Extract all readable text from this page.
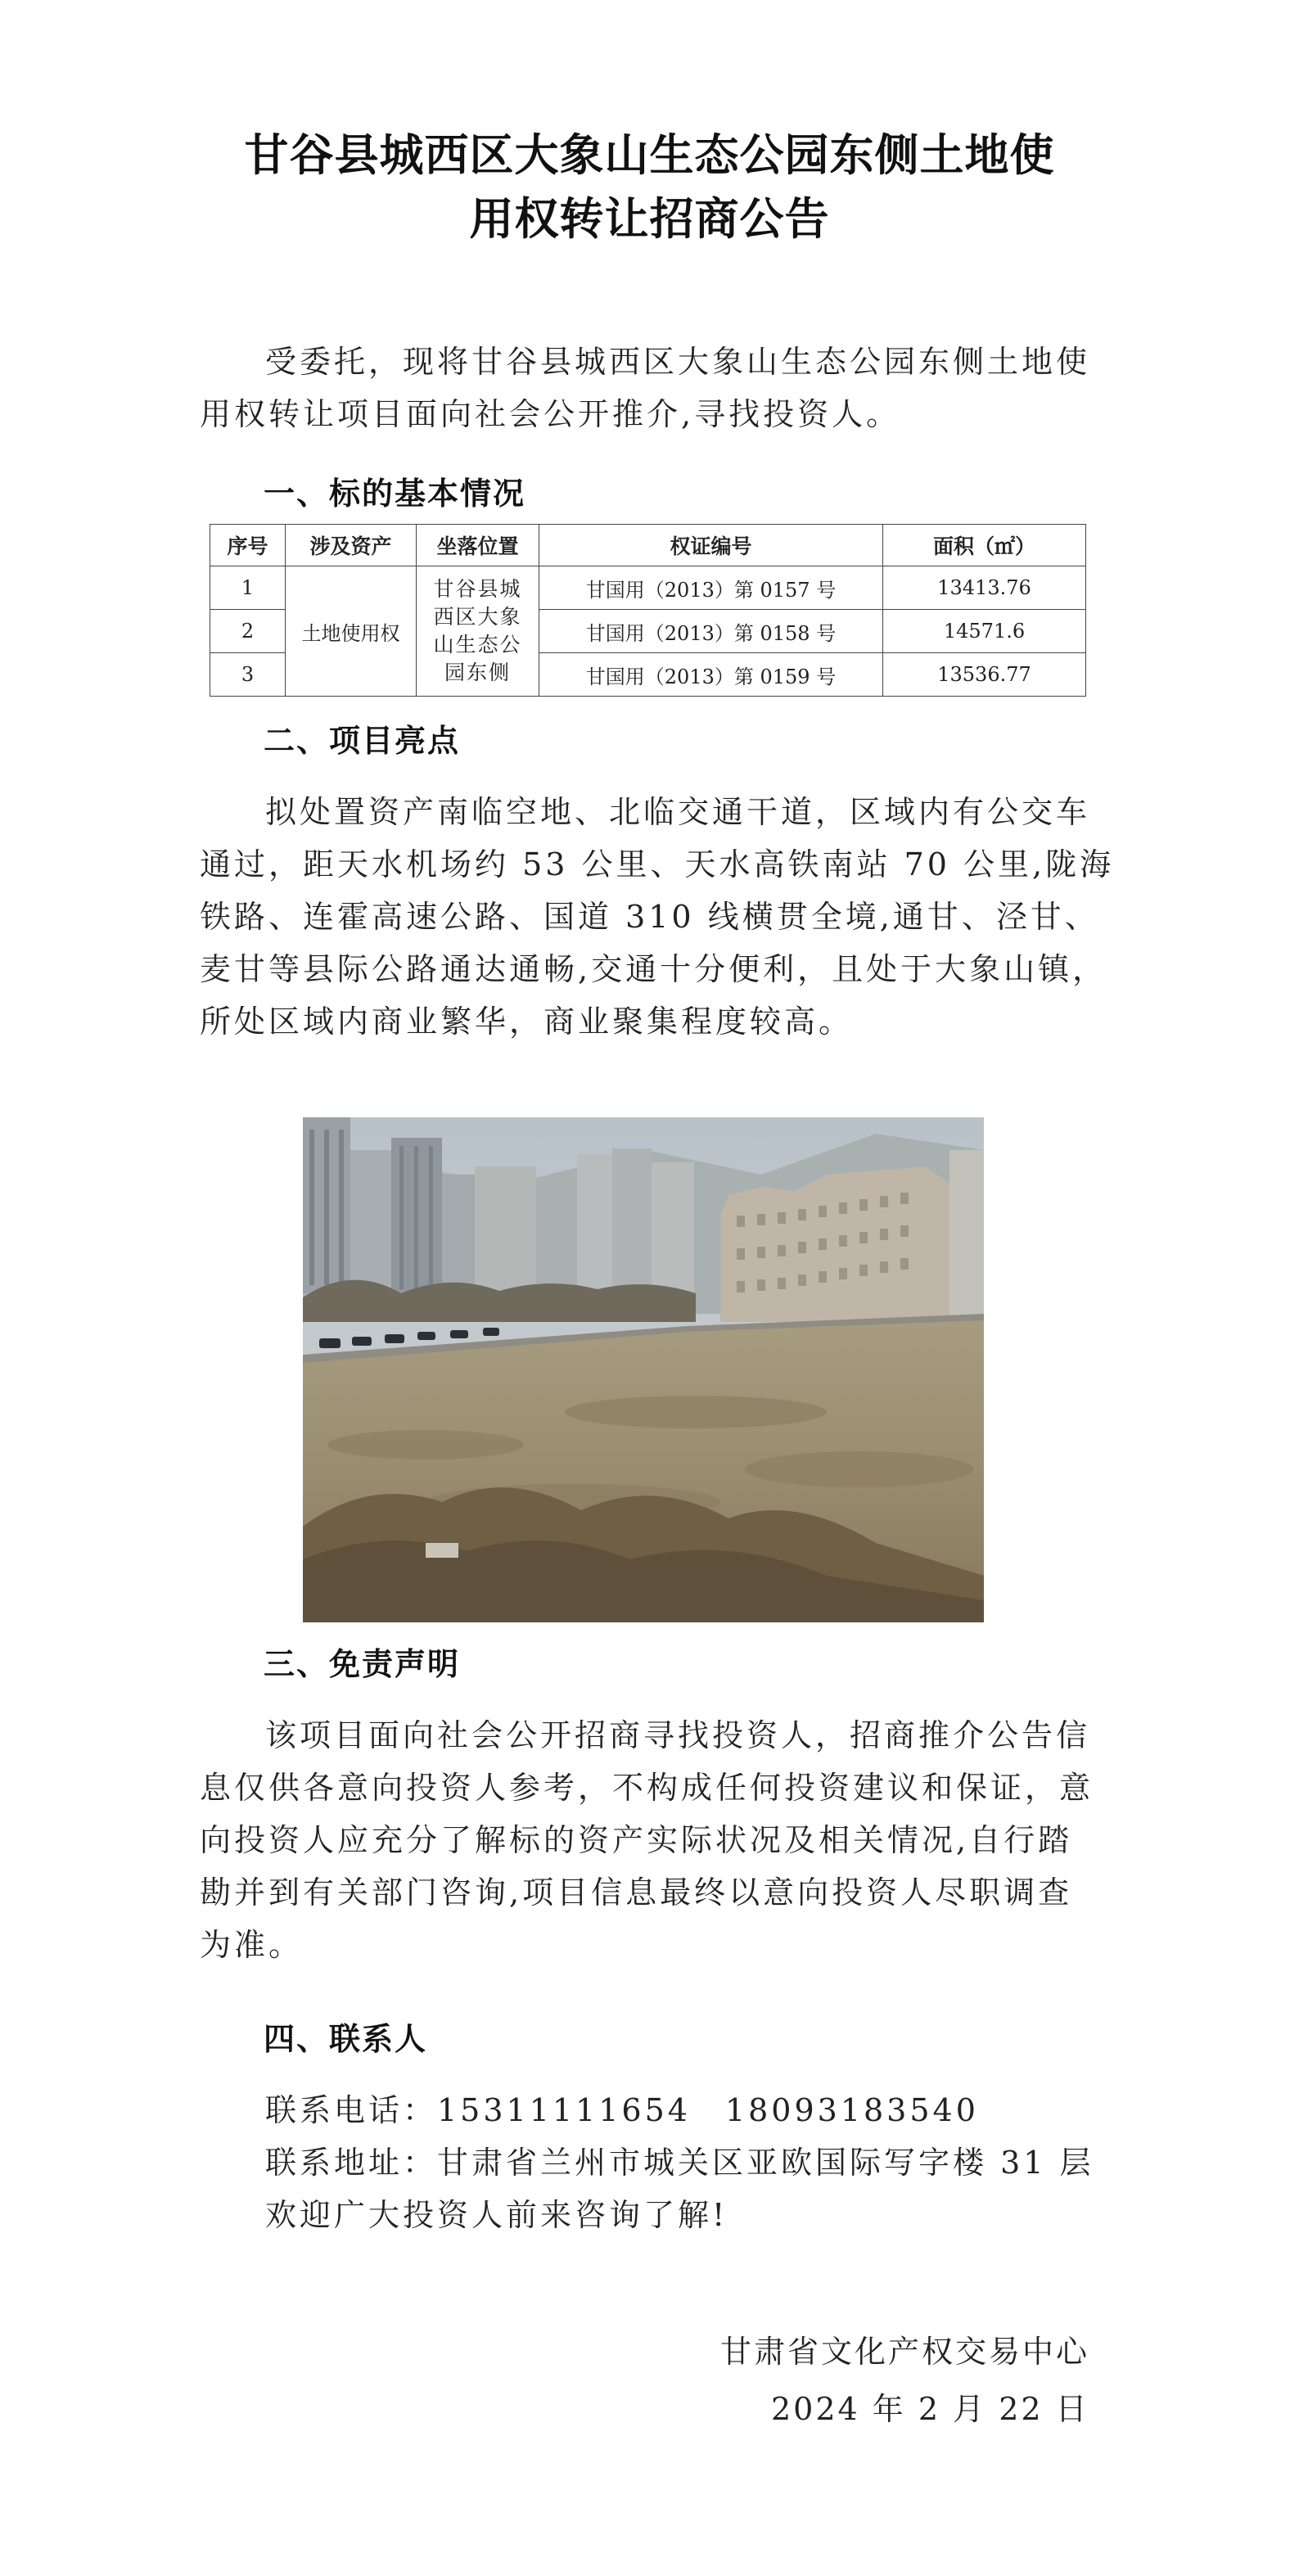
甘谷县城西区大象山生态公园东侧土地使
用权转让招商公告
受委托，现将甘谷县城西区大象山生态公园东侧土地使
用权转让项目面向社会公开推介,寻找投资人。
一、标的基本情况
序号	涉及资产	坐落位置	权证编号	面积（㎡）
1	土地使用权	甘谷县城
西区大象
山生态公
园东侧	甘国用（2013）第 0157 号	13413.76
2			甘国用（2013）第 0158 号	14571.6
3			甘国用（2013）第 0159 号	13536.77
二、项目亮点
拟处置资产南临空地、北临交通干道，区域内有公交车
通过，距天水机场约 53 公里、天水高铁南站 70 公里,陇海
铁路、连霍高速公路、国道 310 线横贯全境,通甘、泾甘、
麦甘等县际公路通达通畅,交通十分便利，且处于大象山镇，
所处区域内商业繁华，商业聚集程度较高。
三、免责声明
该项目面向社会公开招商寻找投资人，招商推介公告信
息仅供各意向投资人参考，不构成任何投资建议和保证，意
向投资人应充分了解标的资产实际状况及相关情况,自行踏
勘并到有关部门咨询,项目信息最终以意向投资人尽职调查
为准。
四、联系人
联系电话：15311111654　18093183540
联系地址：甘肃省兰州市城关区亚欧国际写字楼 31 层
欢迎广大投资人前来咨询了解!
甘肃省文化产权交易中心
2024 年 2 月 22 日
